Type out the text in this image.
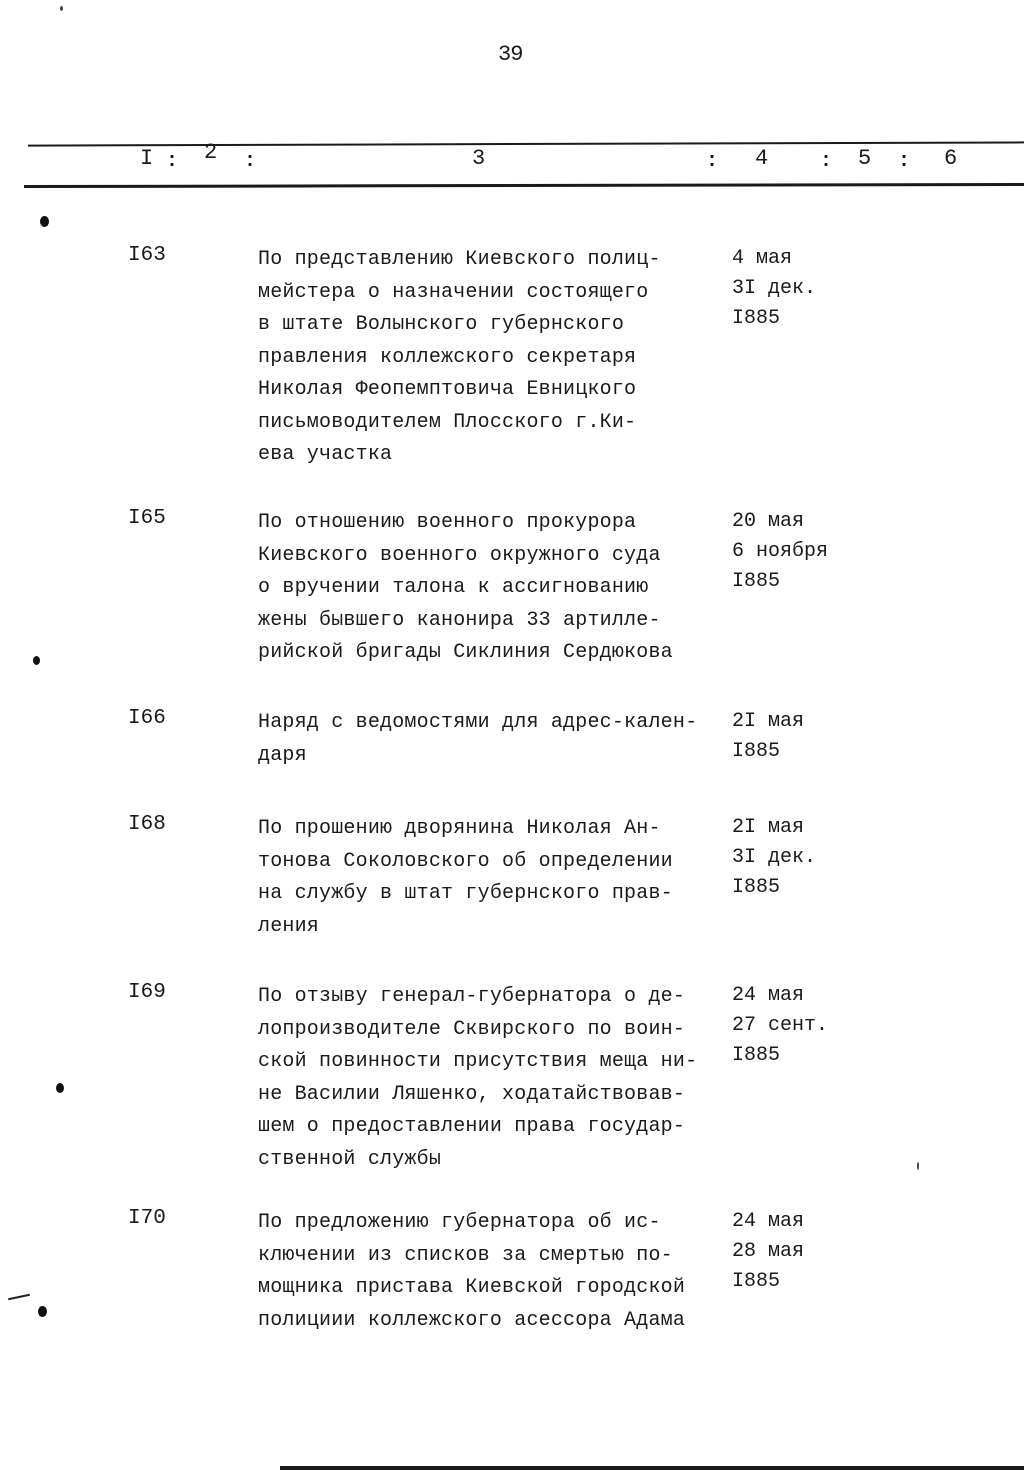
39
I : 2 :	3	: 4	: 5 : 6
I63	По представлению Киевского полиц-
мейстера о назначении состоящего
в штате Волынского губернского
правления коллежского секретаря
Николая Феопемптовича Евницкого
письмоводителем Плосского г.Ки-
ева участка
4 мая
3I дек.
I885
I65	По отношению военного прокурора
Киевского военного окружного суда
о вручении талона к ассигнованию
жены бывшего канонира 33 артилле-
рийской бригады Сиклиния Сердюкова
20 мая
6 ноября
I885
I66	Наряд с ведомостями для адрес-кален-
даря
2I мая
I885
I68	По прошению дворянина Николая Ан-
тонова Соколовского об определении
на службу в штат губернского прав-
ления
2I мая
3I дек.
I885
I69	По отзыву генерал-губернатора о де-
лопроизводителе Сквирского по воин-
ской повинности присутствия меща ни-
не Василии Ляшенко, ходатайствовав-
шем о предоставлении права государ-
ственной службы
24 мая
27 сент.
I885
I70	По предложению губернатора об ис-
ключении из списков за смертью по-
мощника пристава Киевской городской
полициии коллежского асессора Адама
24 мая
28 мая
I885
